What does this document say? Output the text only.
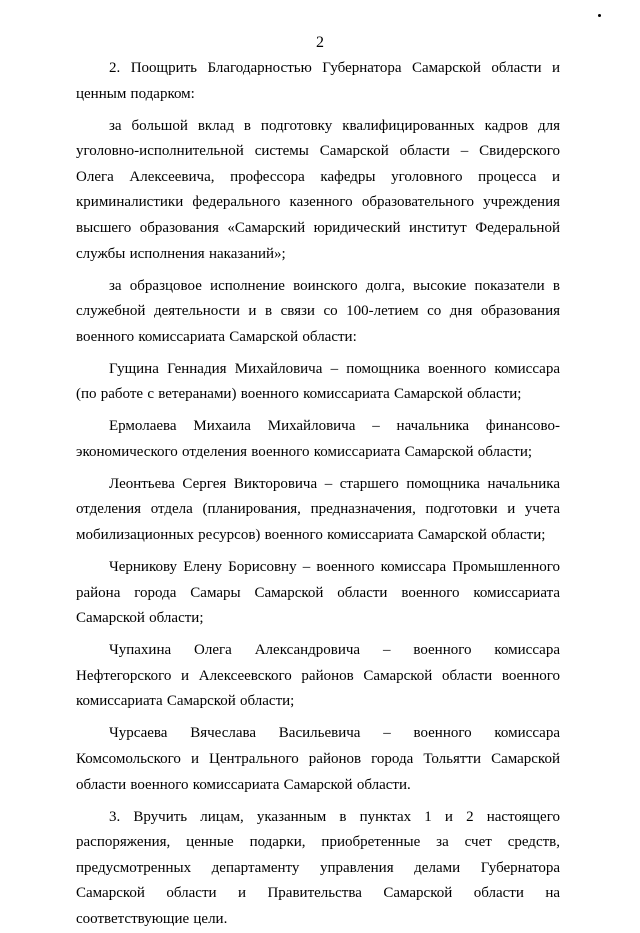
2

2. Поощрить Благодарностью Губернатора Самарской области и ценным подарком:

за большой вклад в подготовку квалифицированных кадров для уголовно-исполнительной системы Самарской области – Свидерского Олега Алексеевича, профессора кафедры уголовного процесса и криминалистики федерального казенного образовательного учреждения высшего образования «Самарский юридический институт Федеральной службы исполнения наказаний»;

за образцовое исполнение воинского долга, высокие показатели в служебной деятельности и в связи со 100-летием со дня образования военного комиссариата Самарской области:

Гущина Геннадия Михайловича – помощника военного комиссара (по работе с ветеранами) военного комиссариата Самарской области;

Ермолаева Михаила Михайловича – начальника финансово-экономического отделения военного комиссариата Самарской области;

Леонтьева Сергея Викторовича – старшего помощника начальника отделения отдела (планирования, предназначения, подготовки и учета мобилизационных ресурсов) военного комиссариата Самарской области;

Черникову Елену Борисовну – военного комиссара Промышленного района города Самары Самарской области военного комиссариата Самарской области;

Чупахина Олега Александровича – военного комиссара Нефтегорского и Алексеевского районов Самарской области военного комиссариата Самарской области;

Чурсаева Вячеслава Васильевича – военного комиссара Комсомольского и Центрального районов города Тольятти Самарской области военного комиссариата Самарской области.

3. Вручить лицам, указанным в пунктах 1 и 2 настоящего распоряжения, ценные подарки, приобретенные за счет средств, предусмотренных департаменту управления делами Губернатора Самарской области и Правительства Самарской области на соответствующие цели.
